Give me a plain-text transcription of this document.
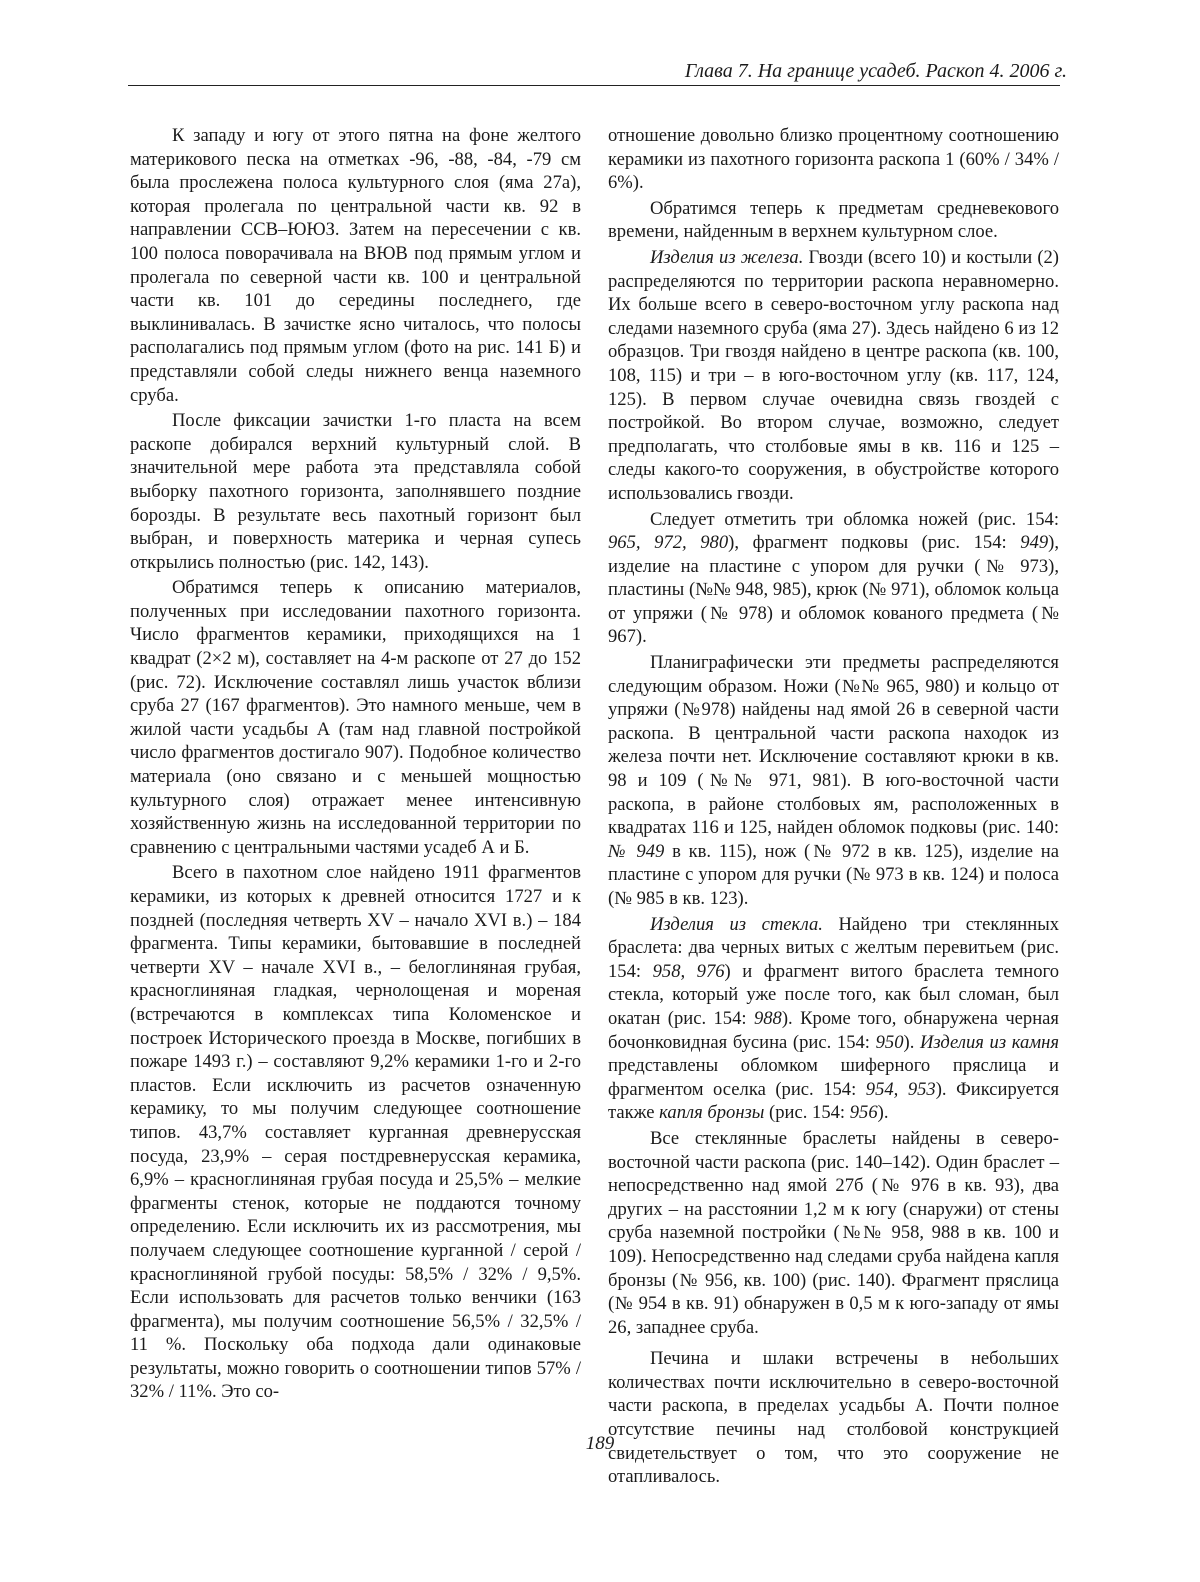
Глава 7. На границе усадеб. Раскоп 4. 2006 г.

К западу и югу от этого пятна на фоне желтого материкового песка на отметках -96, -88, -84, -79 см была прослежена полоса культурного слоя (яма 27а), которая пролегала по центральной части кв. 92 в направлении ССВ–ЮЮЗ. Затем на пересечении с кв. 100 полоса поворачивала на ВЮВ под прямым углом и пролегала по северной части кв. 100 и центральной части кв. 101 до середины последнего, где выклинивалась. В зачистке ясно читалось, что полосы располагались под прямым углом (фото на рис. 141 Б) и представляли собой следы нижнего венца наземного сруба.

После фиксации зачистки 1-го пласта на всем раскопе добирался верхний культурный слой. В значительной мере работа эта представляла собой выборку пахотного горизонта, заполнявшего поздние борозды. В результате весь пахотный горизонт был выбран, и поверхность материка и черная супесь открылись полностью (рис. 142, 143).

Обратимся теперь к описанию материалов, полученных при исследовании пахотного горизонта. Число фрагментов керамики, приходящихся на 1 квадрат (2×2 м), составляет на 4-м раскопе от 27 до 152 (рис. 72). Исключение составлял лишь участок вблизи сруба 27 (167 фрагментов). Это намного меньше, чем в жилой части усадьбы А (там над главной постройкой число фрагментов достигало 907). Подобное количество материала (оно связано и с меньшей мощностью культурного слоя) отражает менее интенсивную хозяйственную жизнь на исследованной территории по сравнению с центральными частями усадеб А и Б.

Всего в пахотном слое найдено 1911 фрагментов керамики, из которых к древней относится 1727 и к поздней (последняя четверть XV – начало XVI в.) – 184 фрагмента. Типы керамики, бытовавшие в последней четверти XV – начале XVI в., – белоглиняная грубая, красноглиняная гладкая, чернолощеная и мореная (встречаются в комплексах типа Коломенское и построек Исторического проезда в Москве, погибших в пожаре 1493 г.) – составляют 9,2% керамики 1-го и 2-го пластов. Если исключить из расчетов означенную керамику, то мы получим следующее соотношение типов. 43,7% составляет курганная древнерусская посуда, 23,9% – серая постдревнерусская керамика, 6,9% – красноглиняная грубая посуда и 25,5% – мелкие фрагменты стенок, которые не поддаются точному определению. Если исключить их из рассмотрения, мы получаем следующее соотношение курганной / серой / красноглиняной грубой посуды: 58,5% / 32% / 9,5%. Если использовать для расчетов только венчики (163 фрагмента), мы получим соотношение 56,5% / 32,5% / 11 %. Поскольку оба подхода дали одинаковые результаты, можно говорить о соотношении типов 57% / 32% / 11%. Это со-

отношение довольно близко процентному соотношению керамики из пахотного горизонта раскопа 1 (60% / 34% / 6%).

Обратимся теперь к предметам средневекового времени, найденным в верхнем культурном слое.

Изделия из железа. Гвозди (всего 10) и костыли (2) распределяются по территории раскопа неравномерно. Их больше всего в северо-восточном углу раскопа над следами наземного сруба (яма 27). Здесь найдено 6 из 12 образцов. Три гвоздя найдено в центре раскопа (кв. 100, 108, 115) и три – в юго-восточном углу (кв. 117, 124, 125). В первом случае очевидна связь гвоздей с постройкой. Во втором случае, возможно, следует предполагать, что столбовые ямы в кв. 116 и 125 – следы какого-то сооружения, в обустройстве которого использовались гвозди.

Следует отметить три обломка ножей (рис. 154: 965, 972, 980), фрагмент подковы (рис. 154: 949), изделие на пластине с упором для ручки (№ 973), пластины (№№ 948, 985), крюк (№ 971), обломок кольца от упряжи (№ 978) и обломок кованого предмета (№ 967).

Планиграфически эти предметы распределяются следующим образом. Ножи (№№ 965, 980) и кольцо от упряжи (№978) найдены над ямой 26 в северной части раскопа. В центральной части раскопа находок из железа почти нет. Исключение составляют крюки в кв. 98 и 109 (№№ 971, 981). В юго-восточной части раскопа, в районе столбовых ям, расположенных в квадратах 116 и 125, найден обломок подковы (рис. 140: № 949 в кв. 115), нож (№ 972 в кв. 125), изделие на пластине с упором для ручки (№ 973 в кв. 124) и полоса (№ 985 в кв. 123).

Изделия из стекла. Найдено три стеклянных браслета: два черных витых с желтым перевитьем (рис. 154: 958, 976) и фрагмент витого браслета темного стекла, который уже после того, как был сломан, был окатан (рис. 154: 988). Кроме того, обнаружена черная бочонковидная бусина (рис. 154: 950). Изделия из камня представлены обломком шиферного пряслица и фрагментом оселка (рис. 154: 954, 953). Фиксируется также капля бронзы (рис. 154: 956).

Все стеклянные браслеты найдены в северо-восточной части раскопа (рис. 140–142). Один браслет – непосредственно над ямой 27б (№ 976 в кв. 93), два других – на расстоянии 1,2 м к югу (снаружи) от стены сруба наземной постройки (№№ 958, 988 в кв. 100 и 109). Непосредственно над следами сруба найдена капля бронзы (№ 956, кв. 100) (рис. 140). Фрагмент пряслица (№ 954 в кв. 91) обнаружен в 0,5 м к юго-западу от ямы 26, западнее сруба.

Печина и шлаки встречены в небольших количествах почти исключительно в северо-восточной части раскопа, в пределах усадьбы А. Почти полное отсутствие печины над столбовой конструкцией свидетельствует о том, что это сооружение не отапливалось.

189
